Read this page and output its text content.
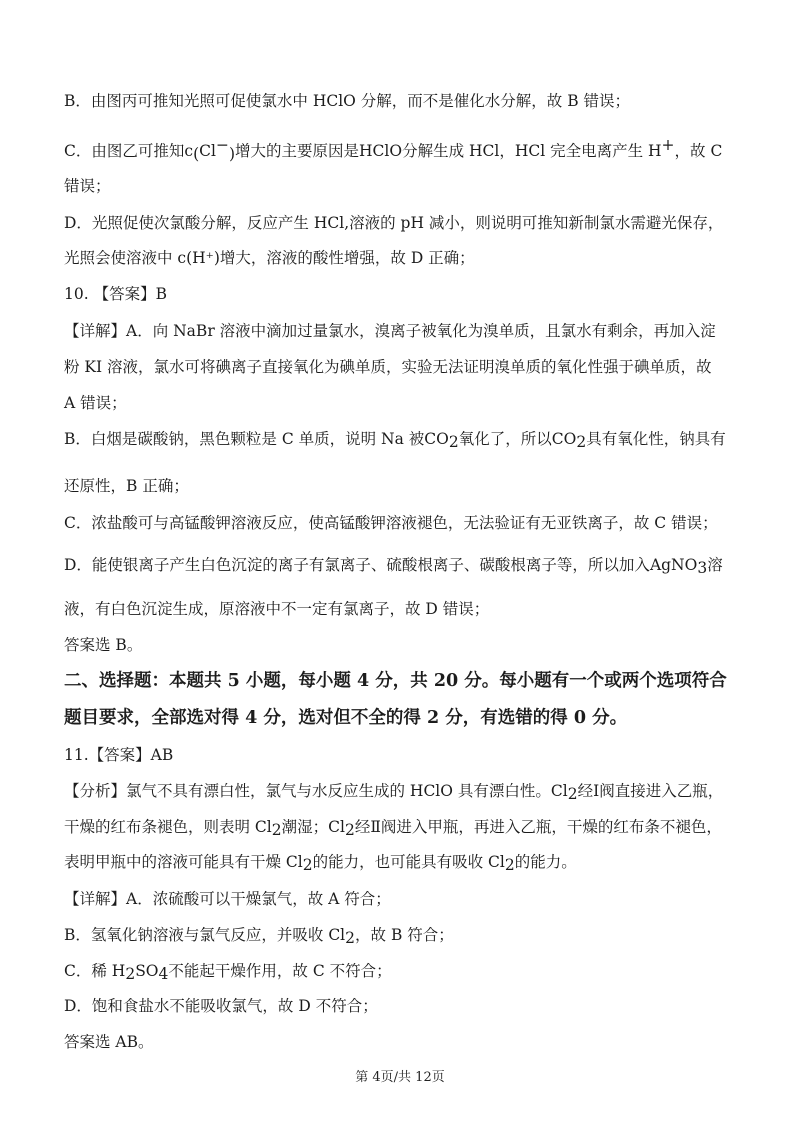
B．由图丙可推知光照可促使氯水中 HClO 分解，而不是催化水分解，故 B 错误；
C．由图乙可推知c(Cl−)增大的主要原因是HClO分解生成 HCl，HCl 完全电离产生 H+，故 C
错误；
D．光照促使次氯酸分解，反应产生 HCl,溶液的 pH 减小，则说明可推知新制氯水需避光保存，
光照会使溶液中 c(H⁺)增大，溶液的酸性增强，故 D 正确；
10. 【答案】B
【详解】A．向 NaBr 溶液中滴加过量氯水，溴离子被氧化为溴单质，且氯水有剩余，再加入淀
粉 KI 溶液，氯水可将碘离子直接氧化为碘单质，实验无法证明溴单质的氧化性强于碘单质，故
A 错误；
B．白烟是碳酸钠，黑色颗粒是 C 单质，说明 Na 被$CO_2$氧化了，所以$CO_2$具有氧化性，钠具有
还原性，B 正确；
C．浓盐酸可与高锰酸钾溶液反应，使高锰酸钾溶液褪色，无法验证有无亚铁离子，故 C 错误；
D．能使银离子产生白色沉淀的离子有氯离子、硫酸根离子、碳酸根离子等，所以加入AgNO$_3$溶
液，有白色沉淀生成，原溶液中不一定有氯离子，故 D 错误；
答案选 B。
二、选择题：本题共 5 小题，每小题 4 分，共 20 分。每小题有一个或两个选项符合
题目要求，全部选对得 4 分，选对但不全的得 2 分，有选错的得 0 分。
11.【答案】AB
【分析】氯气不具有漂白性，氯气与水反应生成的 HClO 具有漂白性。$Cl_2$经Ⅰ阀直接进入乙瓶，
干燥的红布条褪色，则表明 $Cl_2$潮湿；$Cl_2$经Ⅱ阀进入甲瓶，再进入乙瓶，干燥的红布条不褪色，
表明甲瓶中的溶液可能具有干燥 $Cl_2$的能力，也可能具有吸收 $Cl_2$的能力。
【详解】A．浓硫酸可以干燥氯气，故 A 符合；
B．氢氧化钠溶液与氯气反应，并吸收 $Cl_2$，故 B 符合；
C．稀 $H_2SO_4$不能起干燥作用，故 C 不符合；
D．饱和食盐水不能吸收氯气，故 D 不符合；
答案选 AB。
第 4页/共 12页
